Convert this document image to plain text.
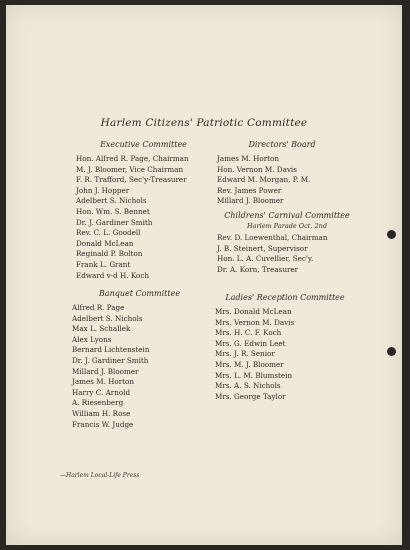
Harlem Citizens' Patriotic Committee
Executive Committee
Hon. Alfred R. Page, Chairman
M. J. Bloomer, Vice Chairman
F. R. Trafford, Sec'y-Treasurer
John J. Hopper
Adelbert S. Nichols
Hon. Wm. S. Bennet
Dr. J. Gardiner Smith
Rev. C. L. Goodell
Donald McLean
Reginald P. Bolton
Frank L. Grant
Edward v-d H. Koch
Directors' Board
James M. Horton
Hon. Vernon M. Davis
Edward M. Morgan, P. M.
Rev. James Power
Millard J. Bloomer
Childrens' Carnival Committee
Harlem Parade Oct. 2nd
Rev. D. Loewenthal, Chairman
J. B. Steinert, Supervisor
Hon. L. A. Cuvellier, Sec'y.
Dr. A. Korn, Treasurer
Banquet Committee
Alfred R. Page
Adelbert S. Nichols
Max L. Schallek
Alex Lyons
Bernard Lichtenstein
Dr. J. Gardiner Smith
Millard J. Bloomer
James M. Horton
Harry C. Arnold
A. Riesenberg
William H. Rose
Francis W. Judge
Ladies' Reception Committee
Mrs. Donald McLean
Mrs. Vernon M. Davis
Mrs. H. C. F. Koch
Mrs. G. Edwin Leet
Mrs. J. R. Senior
Mrs. M. J. Bloomer
Mrs. L. M. Blumstein
Mrs. A. S. Nichols
Mrs. George Taylor
—Harlem Local-Life Press
